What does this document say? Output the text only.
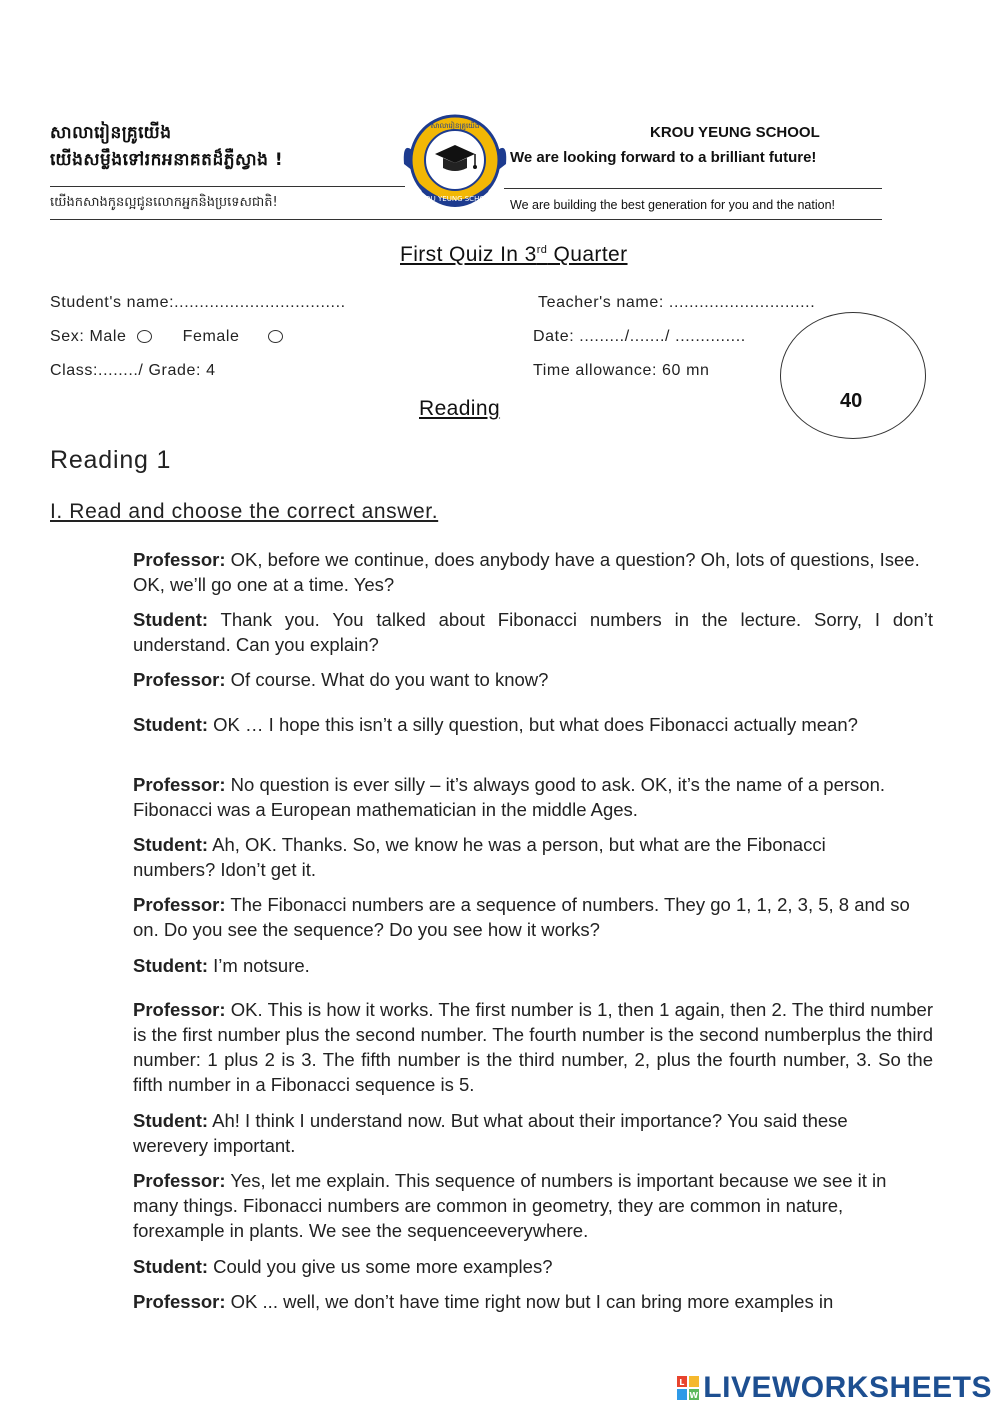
សាលារៀនគ្រូយើង
យើងសម្លឹងទៅរកអនាគតដ៏ភ្លឺស្វាង !
យើងកសាងកូនល្អជូនលោកអ្នកនិងប្រទេសជាតិ!	KROU YEUNG SCHOOL
សាលារៀនគ្រូយើង	KROU YEUNG SCHOOL
We are looking forward to a brilliant future!
We are building the best generation for you and the nation!
First Quiz In 3rd Quarter
Student's name:..................................	Teacher's name: .............................
Sex: Male	Female	Date: ........./......./ ..............
Class:......../ Grade: 4	Time allowance: 60 mn
40
Reading
Reading 1
I. Read and choose the correct answer.

Professor: OK, before we continue, does anybody have a question? Oh, lots of questions, Isee. OK, we’ll go one at a time. Yes?

Student: Thank you. You talked about Fibonacci numbers in the lecture. Sorry, I don’t understand. Can you explain?

Professor: Of course. What do you want to know?

Student: OK … I hope this isn’t a silly question, but what does Fibonacci actually mean?

Professor: No question is ever silly – it’s always good to ask. OK, it’s the name of a person. Fibonacci was a European mathematician in the middle Ages.

Student: Ah, OK. Thanks. So, we know he was a person, but what are the Fibonacci numbers? Idon’t get it.

Professor: The Fibonacci numbers are a sequence of numbers. They go 1, 1, 2, 3, 5, 8 and so on. Do you see the sequence? Do you see how it works?

Student: I’m notsure.

Professor: OK. This is how it works. The first number is 1, then 1 again, then 2. The third number is the first number plus the second number. The fourth number is the second numberplus the third number: 1 plus 2 is 3. The fifth number is the third number, 2, plus the fourth number, 3. So the fifth number in a Fibonacci sequence is 5.

Student: Ah! I think I understand now. But what about their importance? You said these werevery important.

Professor: Yes, let me explain. This sequence of numbers is important because we see it in many things. Fibonacci numbers are common in geometry, they are common in nature, forexample in plants. We see the sequenceeverywhere.

Student: Could you give us some more examples?

Professor: OK ... well, we don’t have time right now but I can bring more examples in

L
W LIVEWORKSHEETS
